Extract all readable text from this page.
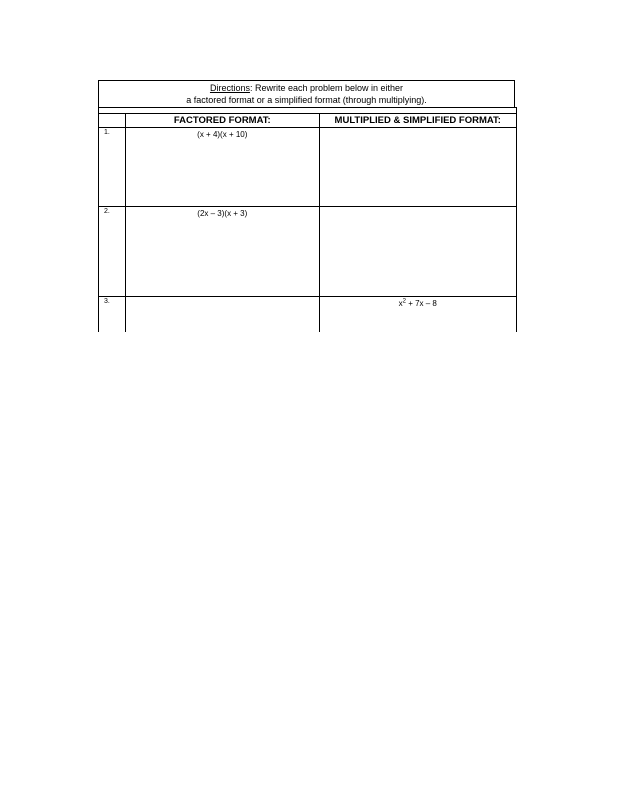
Directions: Rewrite each problem below in either
a factored format or a simplified format (through multiplying).
	FACTORED FORMAT:	MULTIPLIED & SIMPLIFIED FORMAT:
1.	(x + 4)(x + 10)	
2.	(2x – 3)(x + 3)	
3.		$x^2 + 7x - 8$
